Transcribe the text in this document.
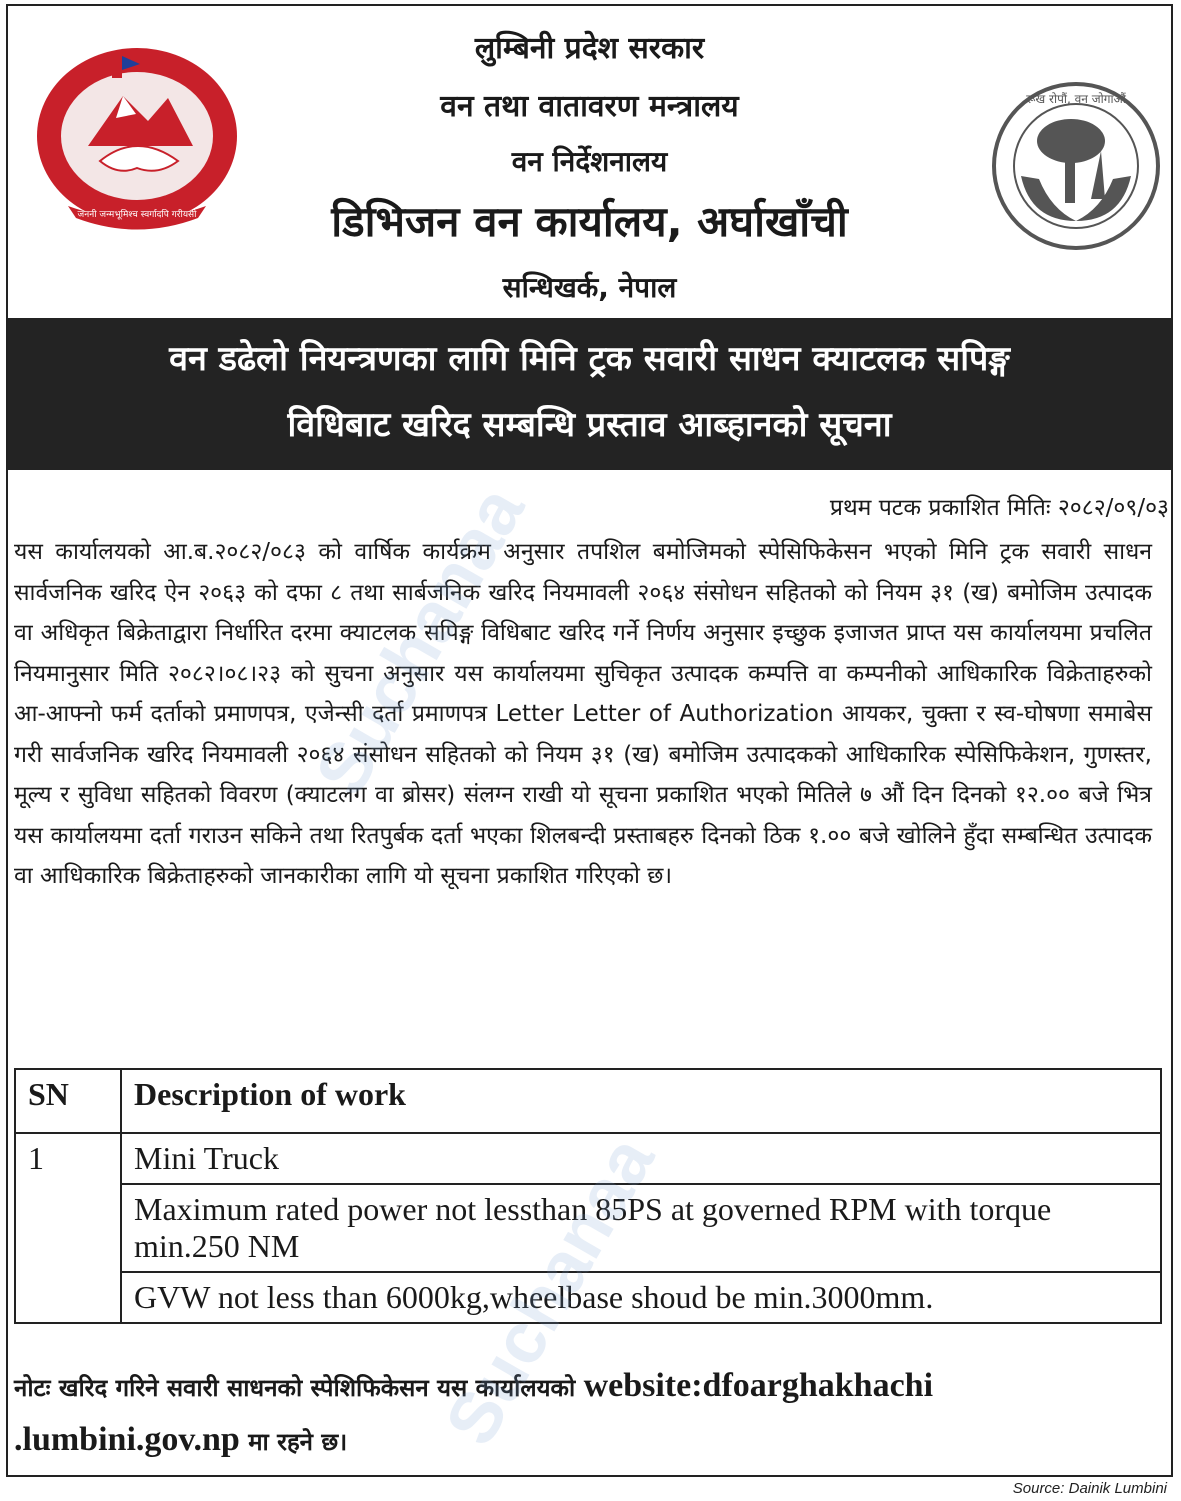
जननी जन्मभूमिश्च स्वर्गादपि गरीयसी
लुम्बिनी प्रदेश सरकार
वन तथा वातावरण मन्त्रालय
वन निर्देशनालय
डिभिजन वन कार्यालय, अर्घाखाँची
सन्धिखर्क, नेपाल
रूख रोपौं, वन जोगाऔं
वन डढेलो नियन्त्रणका लागि मिनि ट्रक सवारी साधन क्याटलक सपिङ्ग
विधिबाट खरिद सम्बन्धि प्रस्ताव आब्हानको सूचना
प्रथम पटक प्रकाशित मितिः २०८२/०९/०३
यस कार्यालयको आ.ब.२०८२/०८३ को वार्षिक कार्यक्रम अनुसार तपशिल बमोजिमको स्पेसिफिकेसन भएको मिनि ट्रक सवारी साधन सार्वजनिक खरिद ऐन २०६३ को दफा ८ तथा सार्बजनिक खरिद नियमावली २०६४ संसोधन सहितको को नियम ३१ (ख) बमोजिम उत्पादक वा अधिकृत बिक्रेताद्वारा निर्धारित दरमा क्याटलक सपिङ्ग विधिबाट खरिद गर्ने निर्णय अनुसार इच्छुक इजाजत प्राप्त यस कार्यालयमा प्रचलित नियमानुसार मिति २०८२।०८।२३ को सुचना अनुसार यस कार्यालयमा सुचिकृत उत्पादक कम्पत्ति वा कम्पनीको आधिकारिक विक्रेताहरुको आ-आफ्नो फर्म दर्ताको प्रमाणपत्र, एजेन्सी दर्ता प्रमाणपत्र Letter Letter of Authorization आयकर, चुक्ता र स्व-घोषणा समाबेस गरी सार्वजनिक खरिद नियमावली २०६४ संसोधन सहितको को नियम ३१ (ख) बमोजिम उत्पादकको आधिकारिक स्पेसिफिकेशन, गुणस्तर, मूल्य र सुविधा सहितको विवरण (क्याटलग वा ब्रोसर) संलग्न राखी यो सूचना प्रकाशित भएको मितिले ७ औं दिन दिनको १२.०० बजे भित्र यस कार्यालयमा दर्ता गराउन सकिने तथा रितपुर्बक दर्ता भएका शिलबन्दी प्रस्ताबहरु दिनको ठिक १.०० बजे खोलिने हुँदा सम्बन्धित उत्पादक वा आधिकारिक बिक्रेताहरुको जानकारीका लागि यो सूचना प्रकाशित गरिएको छ।
SN	Description of work
1	Mini Truck
	Maximum rated power not lessthan 85PS at governed RPM with torque min.250 NM
	GVW not less than 6000kg,wheelbase shoud be min.3000mm.
नोटः खरिद गरिने सवारी साधनको स्पेशिफिकेसन यस कार्यालयको website:dfoarghakhachi .lumbini.gov.np मा रहने छ।
Source: Dainik Lumbini
Suchanaa
Suchanaa
